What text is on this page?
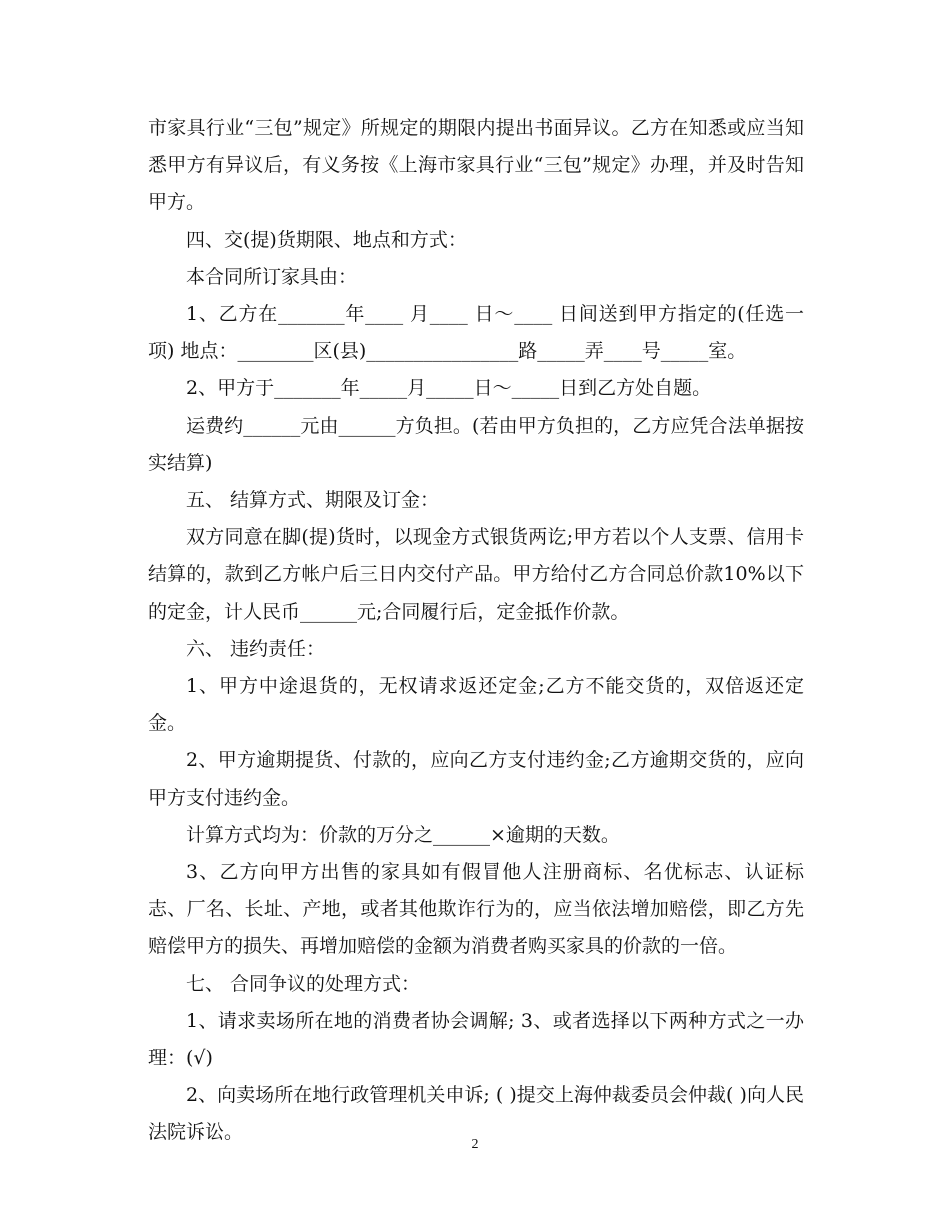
市家具行业“三包”规定》所规定的期限内提出书面异议。乙方在知悉或应当知悉甲方有异议后，有义务按《上海市家具行业“三包”规定》办理，并及时告知甲方。

四、交(提)货期限、地点和方式：

本合同所订家具由：

1、乙方在_______年____ 月____ 日～____ 日间送到甲方指定的(任选一项) 地点：________区(县)________________路_____弄____号_____室。

2、甲方于_______年_____月_____日～_____日到乙方处自题。

运费约______元由______方负担。(若由甲方负担的，乙方应凭合法单据按实结算)

五、 结算方式、期限及订金：

双方同意在脚(提)货时，以现金方式银货两讫;甲方若以个人支票、信用卡结算的，款到乙方帐户后三日内交付产品。甲方给付乙方合同总价款10%以下的定金，计人民币______元;合同履行后，定金抵作价款。

六、 违约责任：

1、甲方中途退货的，无权请求返还定金;乙方不能交货的，双倍返还定金。

2、甲方逾期提货、付款的，应向乙方支付违约金;乙方逾期交货的，应向甲方支付违约金。

计算方式均为：价款的万分之______×逾期的天数。

3、乙方向甲方出售的家具如有假冒他人注册商标、名优标志、认证标志、厂名、长址、产地，或者其他欺诈行为的，应当依法增加赔偿，即乙方先赔偿甲方的损失、再增加赔偿的金额为消费者购买家具的价款的一倍。

七、 合同争议的处理方式：

1、请求卖场所在地的消费者协会调解; 3、或者选择以下两种方式之一办理：(√)

2、向卖场所在地行政管理机关申诉; ( )提交上海仲裁委员会仲裁( )向人民法院诉讼。

2
